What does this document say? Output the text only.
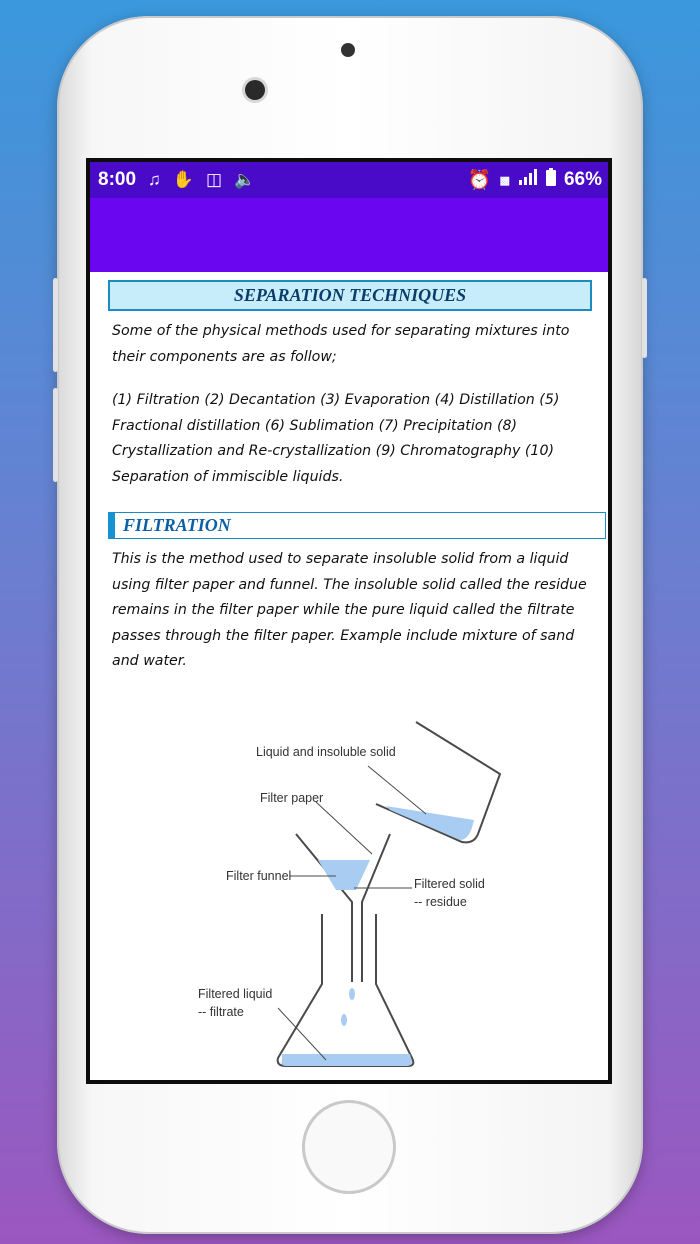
8:00 ♫ ✋ ◫ 🔈	⏰ ▩	66%
SEPARATION TECHNIQUES

Some of the physical methods used for separating mixtures into their components are as follow;

(1) Filtration (2) Decantation (3) Evaporation (4) Distillation (5) Fractional distillation (6) Sublimation (7) Precipitation (8) Crystallization and Re-crystallization (9) Chromatography (10) Separation of immiscible liquids.

FILTRATION

This is the method used to separate insoluble solid from a liquid using filter paper and funnel. The insoluble solid called the residue remains in the filter paper while the pure liquid called the filtrate passes through the filter paper. Example include mixture of sand and water.

Liquid and insoluble solid
Filter paper
Filter funnel
Filtered solid
-- residue
Filtered liquid
-- filtrate
